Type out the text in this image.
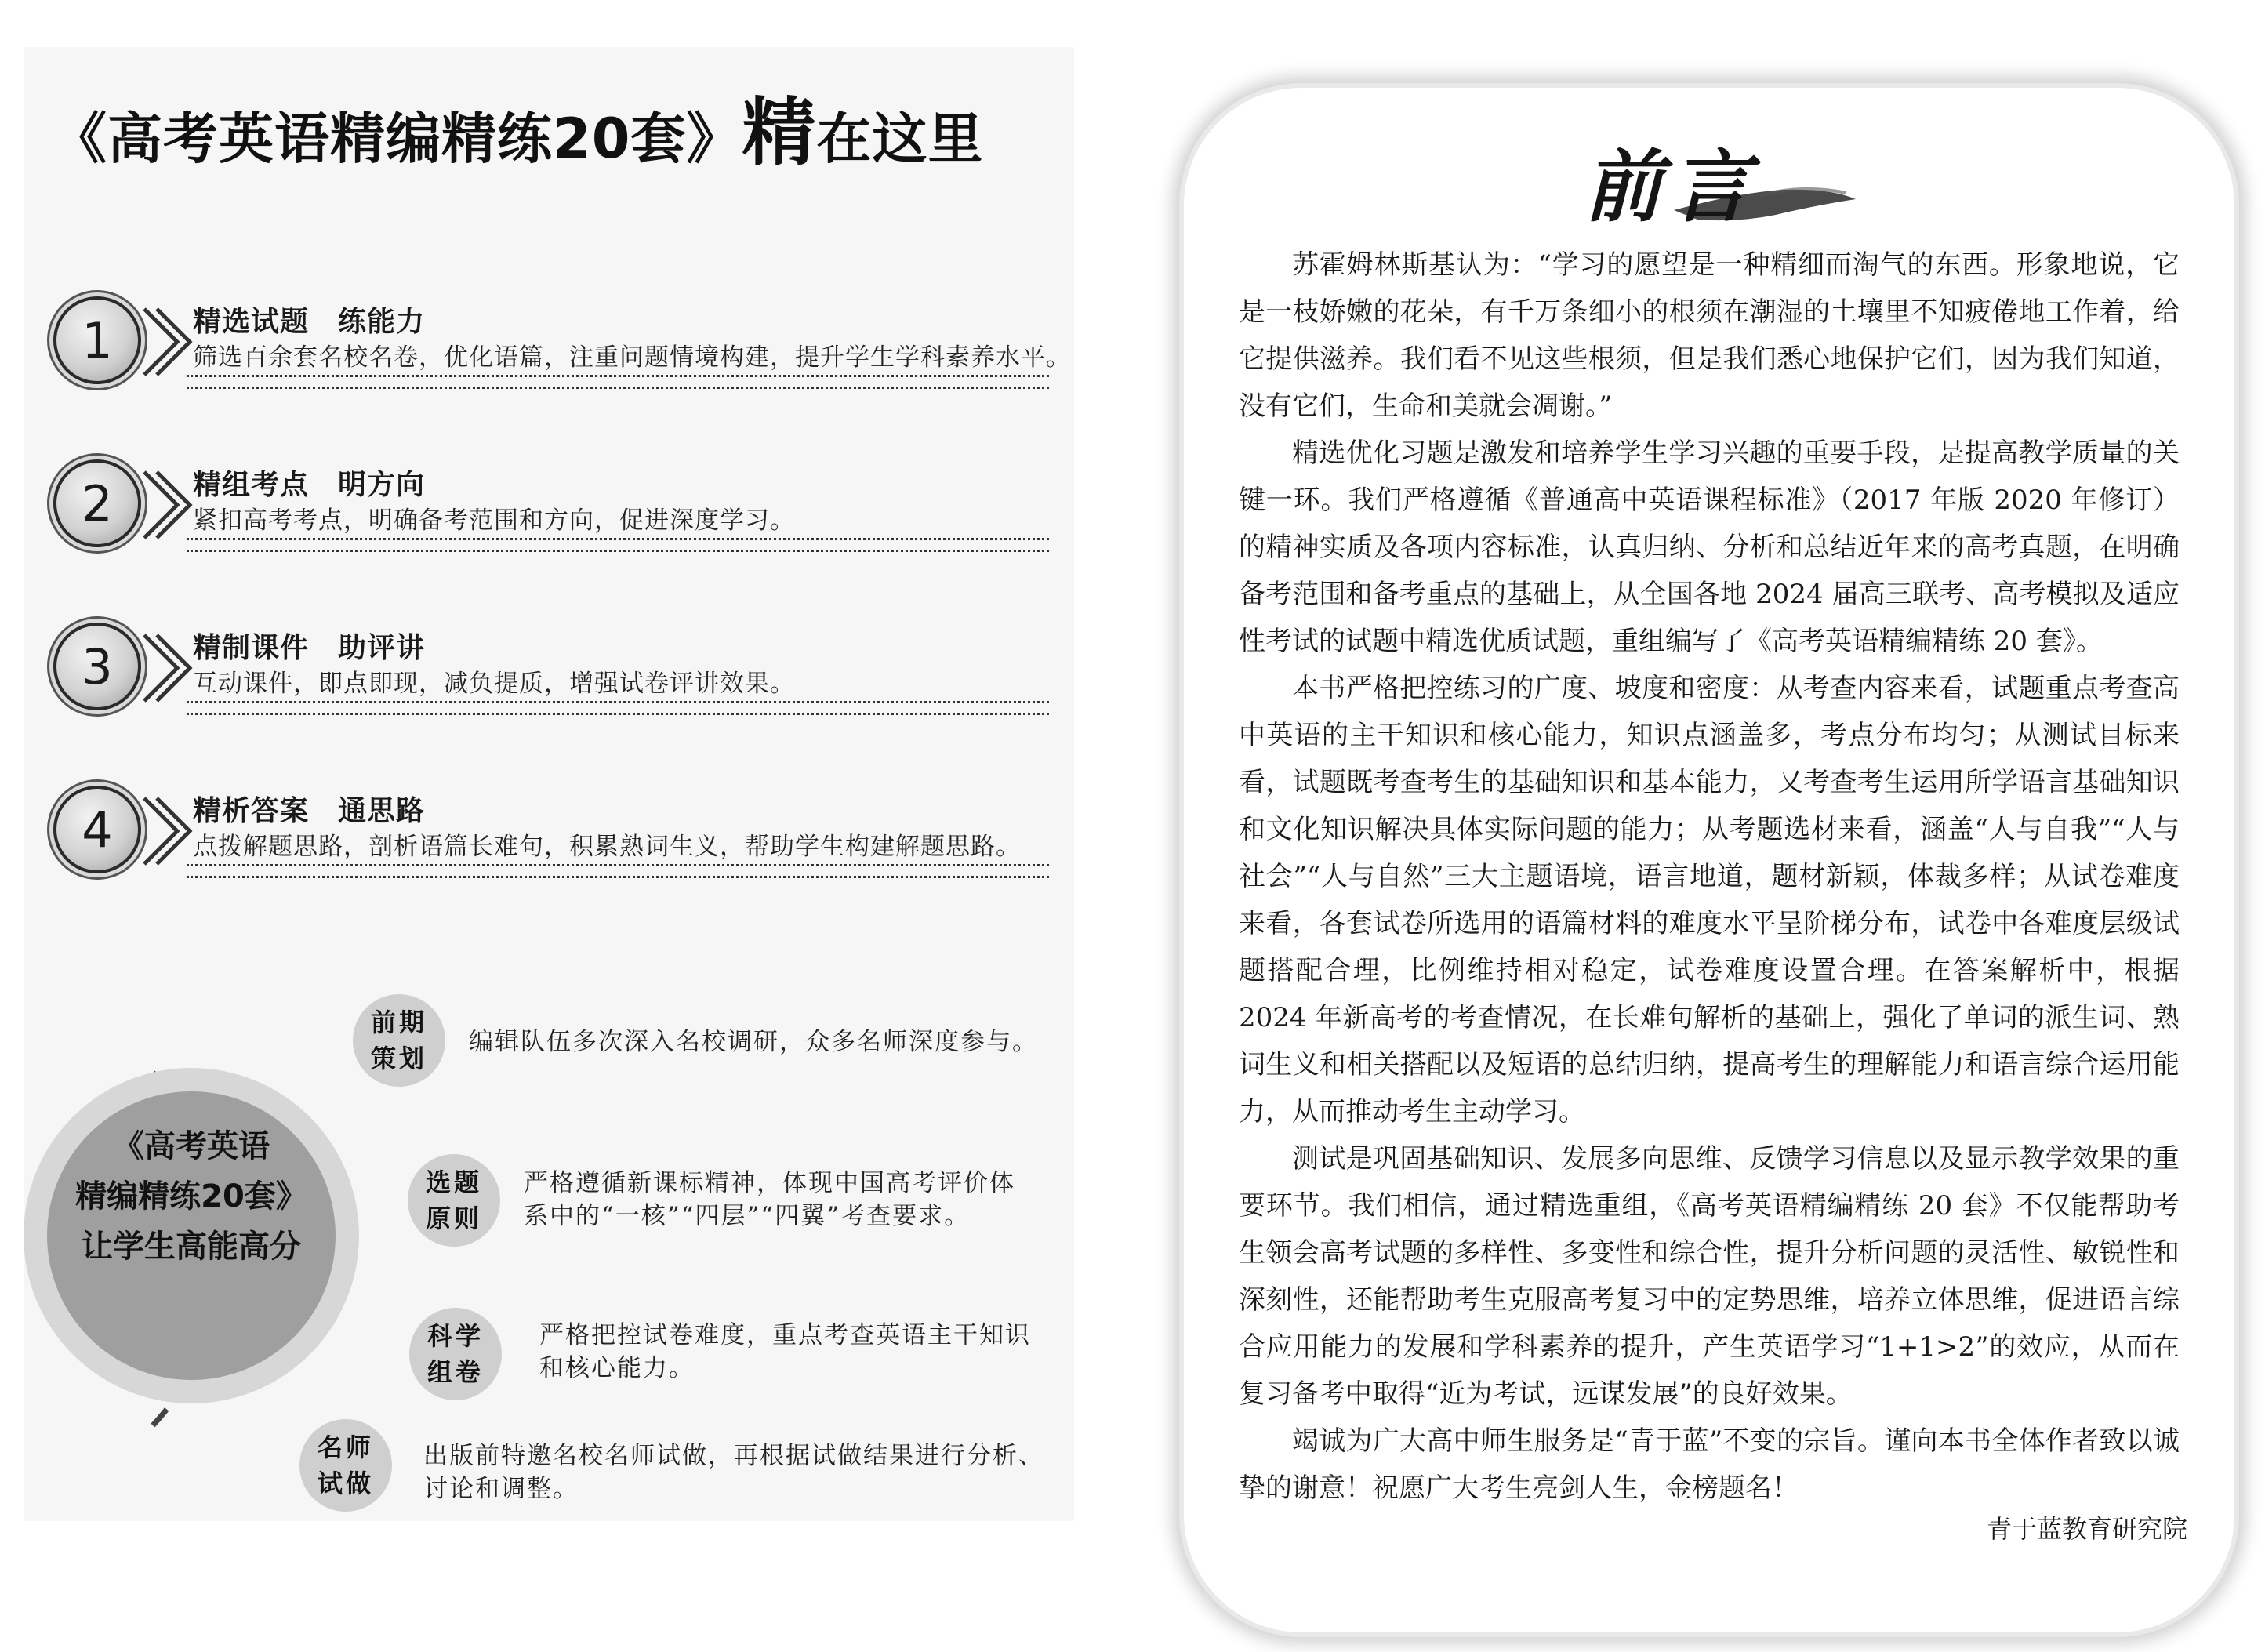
《高考英语精编精练20套》精在这里
1	精选试题　练能力
筛选百余套名校名卷，优化语篇，注重问题情境构建，提升学生学科素养水平。
2	精组考点　明方向
紧扣高考考点，明确备考范围和方向，促进深度学习。
3	精制课件　助评讲
互动课件，即点即现，减负提质，增强试卷评讲效果。
4	精析答案　通思路
点拨解题思路，剖析语篇长难句，积累熟词生义，帮助学生构建解题思路。
《高考英语
精编精练20套》
让学生高能高分
前期
策划
编辑队伍多次深入名校调研，众多名师深度参与。
选题
原则
严格遵循新课标精神，体现中国高考评价体
系中的“一核”“四层”“四翼”考查要求。
科学
组卷
严格把控试卷难度，重点考查英语主干知识
和核心能力。
名师
试做
出版前特邀名校名师试做，再根据试做结果进行分析、
讨论和调整。
前言

苏霍姆林斯基认为：“学习的愿望是一种精细而淘气的东西。形象地说，它是一枝娇嫩的花朵，有千万条细小的根须在潮湿的土壤里不知疲倦地工作着，给它提供滋养。我们看不见这些根须，但是我们悉心地保护它们，因为我们知道，没有它们，生命和美就会凋谢。”

精选优化习题是激发和培养学生学习兴趣的重要手段，是提高教学质量的关键一环。我们严格遵循《普通高中英语课程标准》（2017 年版 2020 年修订）的精神实质及各项内容标准，认真归纳、分析和总结近年来的高考真题，在明确备考范围和备考重点的基础上，从全国各地 2024 届高三联考、高考模拟及适应性考试的试题中精选优质试题，重组编写了《高考英语精编精练 20 套》。

本书严格把控练习的广度、坡度和密度：从考查内容来看，试题重点考查高中英语的主干知识和核心能力，知识点涵盖多，考点分布均匀；从测试目标来看，试题既考查考生的基础知识和基本能力，又考查考生运用所学语言基础知识和文化知识解决具体实际问题的能力；从考题选材来看，涵盖“人与自我”“人与社会”“人与自然”三大主题语境，语言地道，题材新颖，体裁多样；从试卷难度来看，各套试卷所选用的语篇材料的难度水平呈阶梯分布，试卷中各难度层级试题搭配合理，比例维持相对稳定，试卷难度设置合理。在答案解析中，根据 2024 年新高考的考查情况，在长难句解析的基础上，强化了单词的派生词、熟词生义和相关搭配以及短语的总结归纳，提高考生的理解能力和语言综合运用能力，从而推动考生主动学习。

测试是巩固基础知识、发展多向思维、反馈学习信息以及显示教学效果的重要环节。我们相信，通过精选重组，《高考英语精编精练 20 套》不仅能帮助考生领会高考试题的多样性、多变性和综合性，提升分析问题的灵活性、敏锐性和深刻性，还能帮助考生克服高考复习中的定势思维，培养立体思维，促进语言综合应用能力的发展和学科素养的提升，产生英语学习“1+1>2”的效应，从而在复习备考中取得“近为考试，远谋发展”的良好效果。

竭诚为广大高中师生服务是“青于蓝”不变的宗旨。谨向本书全体作者致以诚挚的谢意！祝愿广大考生亮剑人生，金榜题名！

青于蓝教育研究院
